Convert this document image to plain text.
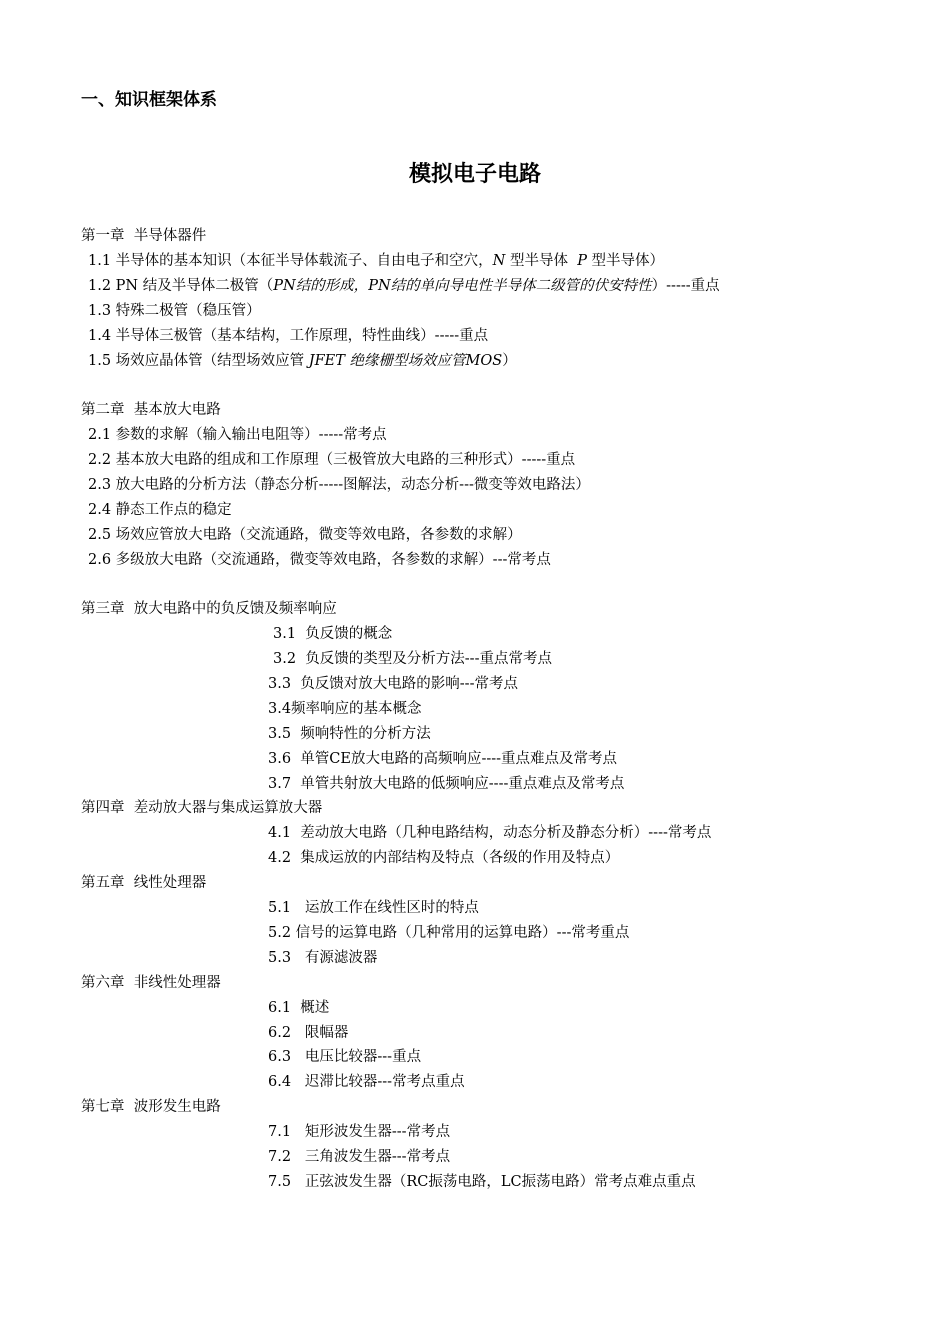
一、知识框架体系
模拟电子电路

第一章  半导体器件

1.1 半导体的基本知识（本征半导体载流子、自由电子和空穴，N 型半导体  P 型半导体）

1.2 PN 结及半导体二极管（PN结的形成，PN结的单向导电性半导体二级管的伏安特性）-----重点

1.3 特殊二极管（稳压管）

1.4 半导体三极管（基本结构，工作原理，特性曲线）-----重点

1.5 场效应晶体管（结型场效应管 JFET 绝缘栅型场效应管MOS）

第二章  基本放大电路

2.1 参数的求解（输入输出电阻等）-----常考点

2.2 基本放大电路的组成和工作原理（三极管放大电路的三种形式）-----重点

2.3 放大电路的分析方法（静态分析-----图解法，动态分析---微变等效电路法）

2.4 静态工作点的稳定

2.5 场效应管放大电路（交流通路，微变等效电路，各参数的求解）

2.6 多级放大电路（交流通路，微变等效电路，各参数的求解）---常考点

第三章  放大电路中的负反馈及频率响应

3.1  负反馈的概念

3.2  负反馈的类型及分析方法---重点常考点

3.3  负反馈对放大电路的影响---常考点

3.4频率响应的基本概念

3.5  频响特性的分析方法

3.6  单管CE放大电路的高频响应----重点难点及常考点

3.7  单管共射放大电路的低频响应----重点难点及常考点

第四章  差动放大器与集成运算放大器

4.1  差动放大电路（几种电路结构，动态分析及静态分析）----常考点

4.2  集成运放的内部结构及特点（各级的作用及特点）

第五章  线性处理器

5.1   运放工作在线性区时的特点

5.2 信号的运算电路（几种常用的运算电路）---常考重点

5.3   有源滤波器

第六章  非线性处理器

6.1  概述

6.2   限幅器

6.3   电压比较器---重点

6.4   迟滞比较器---常考点重点

第七章  波形发生电路

7.1   矩形波发生器---常考点

7.2   三角波发生器---常考点

7.5   正弦波发生器（RC振荡电路，LC振荡电路）常考点难点重点
